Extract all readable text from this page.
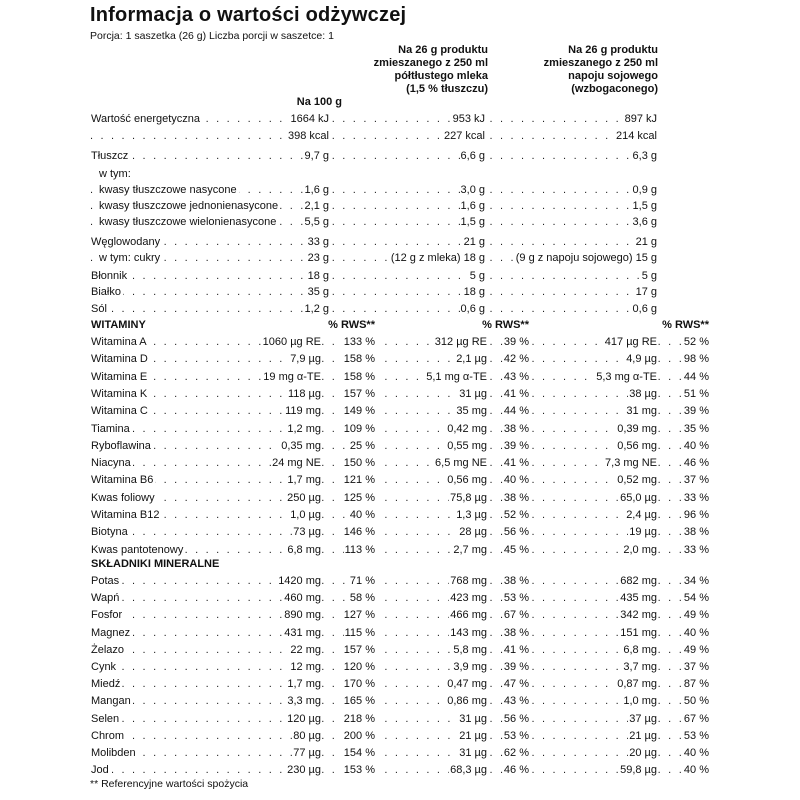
Informacja o wartości odżywczej
Porcja: 1 saszetka (26 g) Liczba porcji w saszetce: 1
Na 100 g
Na 26 g produktu
zmieszanego z 250 ml
półtłustego mleka
(1,5 % tłuszczu)
Na 26 g produktu
zmieszanego z 250 ml
napoju sojowego
(wzbogaconego)
. . .
Wartość energetyczna	1664 kJ	953 kJ	897 kJ
. . .
398 kcal	227 kcal	214 kcal
. . .
Tłuszcz	9,7 g	6,6 g	6,3 g
w tym:
. . .
kwasy tłuszczowe nasycone	1,6 g	3,0 g	0,9 g
. . .
kwasy tłuszczowe jednonienasycone 2,1 g	1,6 g	1,5 g
. . .
kwasy tłuszczowe wielonienasycone	5,5 g	1,5 g	3,6 g
. . .
Węglowodany	33 g	21 g	21 g
. . .
w tym: cukry	23 g	(12 g z mleka) 18 g	(9 g z napoju sojowego) 15 g
. . .
Błonnik	18 g	5 g	5 g
. . .
Białko	35 g	18 g	17 g
. . .
Sól	1,2 g	0,6 g	0,6 g
WITAMINY	% RWS**	% RWS**	% RWS**
. . .
Witamina A	1060 µg RE 133 %	312 µg RE 39 %	417 µg RE 52 %
. . .
Witamina D	7,9 µg 158 %	2,1 µg 42 %	4,9 µg 98 %
. . .
Witamina E	19 mg α-TE 158 %	5,1 mg α-TE 43 %	5,3 mg α-TE 44 %
. . .
Witamina K	118 µg 157 %	31 µg 41 %	38 µg 51 %
. . .
Witamina C	119 mg 149 %	35 mg 44 %	31 mg 39 %
. . .
Tiamina	1,2 mg 109 %	0,42 mg 38 %	0,39 mg 35 %
. . .
Ryboflawina	0,35 mg	25 %	0,55 mg 39 %	0,56 mg 40 %
. . .
Niacyna	24 mg NE 150 %	6,5 mg NE 41 %	7,3 mg NE 46 %
. . .
Witamina B6	1,7 mg 121 %	0,56 mg 40 %	0,52 mg 37 %
. . .
Kwas foliowy	250 µg 125 %	75,8 µg 38 %	65,0 µg 33 %
. . .
Witamina B12	1,0 µg	40 %	1,3 µg 52 %	2,4 µg 96 %
. . .
Biotyna	73 µg 146 %	28 µg 56 %	19 µg 38 %
. . .
Kwas pantotenowy	6,8 mg 113 %	2,7 mg 45 %	2,0 mg 33 %
SKŁADNIKI MINERALNE
. . .
Potas	1420 mg	71 %	768 mg 38 %	682 mg 34 %
. . .
Wapń	460 mg	58 %	423 mg 53 %	435 mg 54 %
. . .
Fosfor	890 mg 127 %	466 mg 67 %	342 mg 49 %
. . .
Magnez	431 mg 115 %	143 mg 38 %	151 mg 40 %
. . .
Żelazo	22 mg 157 %	5,8 mg 41 %	6,8 mg 49 %
. . .
Cynk	12 mg 120 %	3,9 mg 39 %	3,7 mg 37 %
. . .
Miedź	1,7 mg 170 %	0,47 mg 47 %	0,87 mg 87 %
. . .
Mangan	3,3 mg 165 %	0,86 mg 43 %	1,0 mg 50 %
. . .
Selen	120 µg 218 %	31 µg 56 %	37 µg 67 %
. . .
Chrom	80 µg 200 %	21 µg 53 %	21 µg 53 %
. . .
Molibden	77 µg 154 %	31 µg 62 %	20 µg 40 %
. . .
Jod	230 µg 153 %	68,3 µg 46 %	59,8 µg 40 %
** Referencyjne wartości spożycia
